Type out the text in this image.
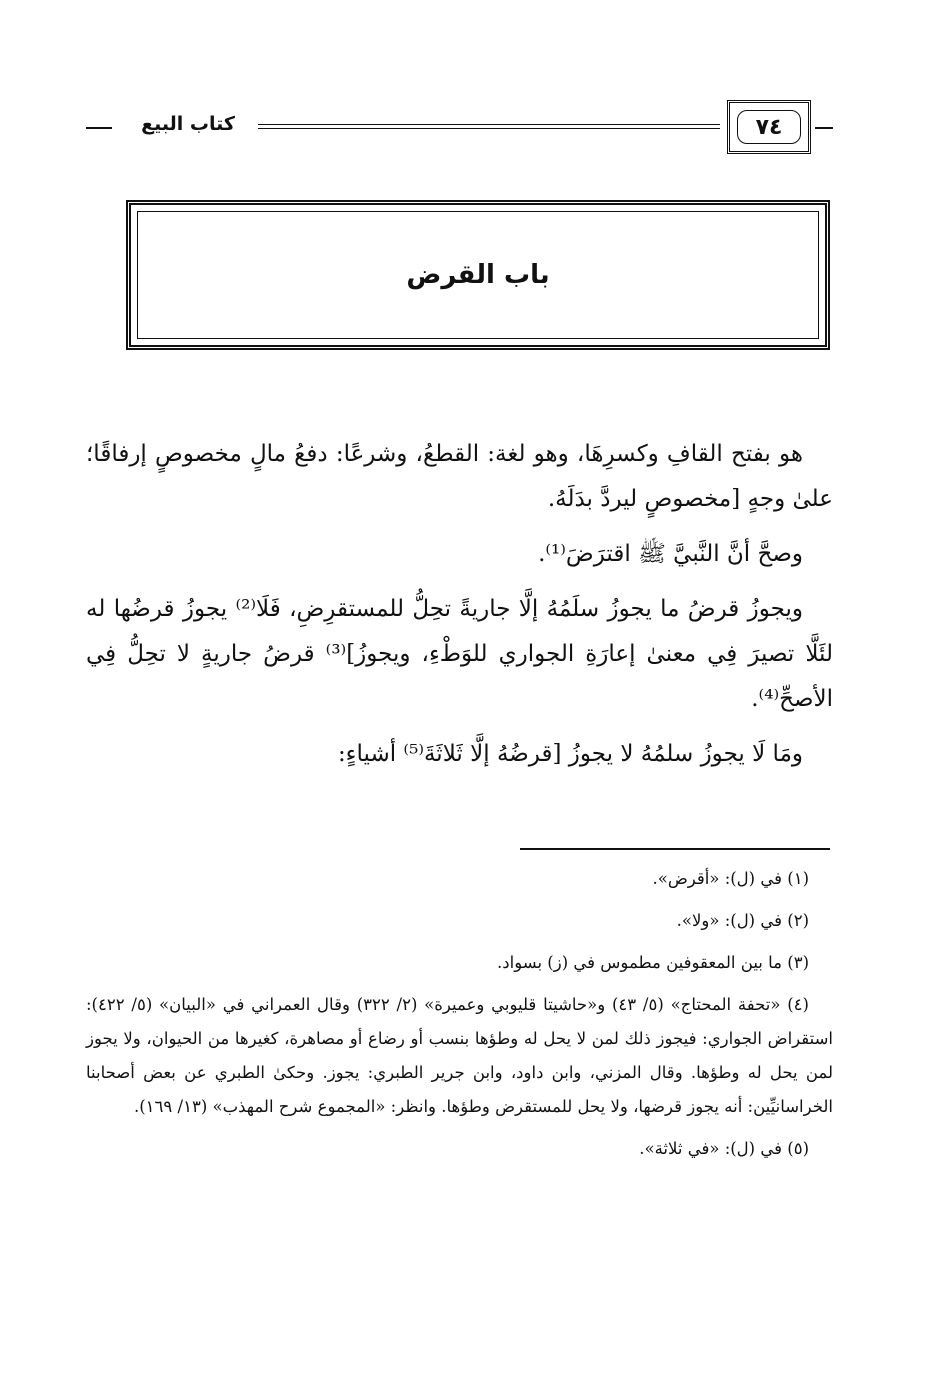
٧٤
كتاب البيع
باب القرض

هو بفتح القافِ وكسرِهَا، وهو لغة: القطعُ، وشرعًا: دفعُ مالٍ مخصوصٍ إرفاقًا؛ علىٰ وجهٍ [مخصوصٍ ليردَّ بدَلَهُ.

وصحَّ أنَّ النَّبيَّ ﷺ اقترَضَ⁽¹⁾.

ويجوزُ قرضُ ما يجوزُ سلَمُهُ إلَّا جاريةً تحِلُّ للمستقرِضِ، فَلَا⁽²⁾ يجوزُ قرضُها له لئَلَّا تصيرَ فِي معنىٰ إعارَةِ الجواري للوَطْءِ، ويجوزُ]⁽³⁾ قرضُ جاريةٍ لا تحِلُّ فِي الأصحِّ⁽⁴⁾.

ومَا لَا يجوزُ سلمُهُ لا يجوزُ [قرضُهُ إلَّا ثَلاثَةَ⁽⁵⁾ أشياءٍ:

(١) في (ل): «أقرض».

(٢) في (ل): «ولا».

(٣) ما بين المعقوفين مطموس في (ز) بسواد.

(٤) «تحفة المحتاج» (٥/ ٤٣) و«حاشيتا قليوبي وعميرة» (٢/ ٣٢٢) وقال العمراني في «البيان» (٥/ ٤٢٢): استقراض الجواري: فيجوز ذلك لمن لا يحل له وطؤها بنسب أو رضاع أو مصاهرة، كغيرها من الحيوان، ولا يجوز لمن يحل له وطؤها. وقال المزني، وابن داود، وابن جرير الطبري: يجوز. وحكىٰ الطبري عن بعض أصحابنا الخراسانيِّين: أنه يجوز قرضها، ولا يحل للمستقرض وطؤها. وانظر: «المجموع شرح المهذب» (١٣/ ١٦٩).

(٥) في (ل): «في ثلاثة».
